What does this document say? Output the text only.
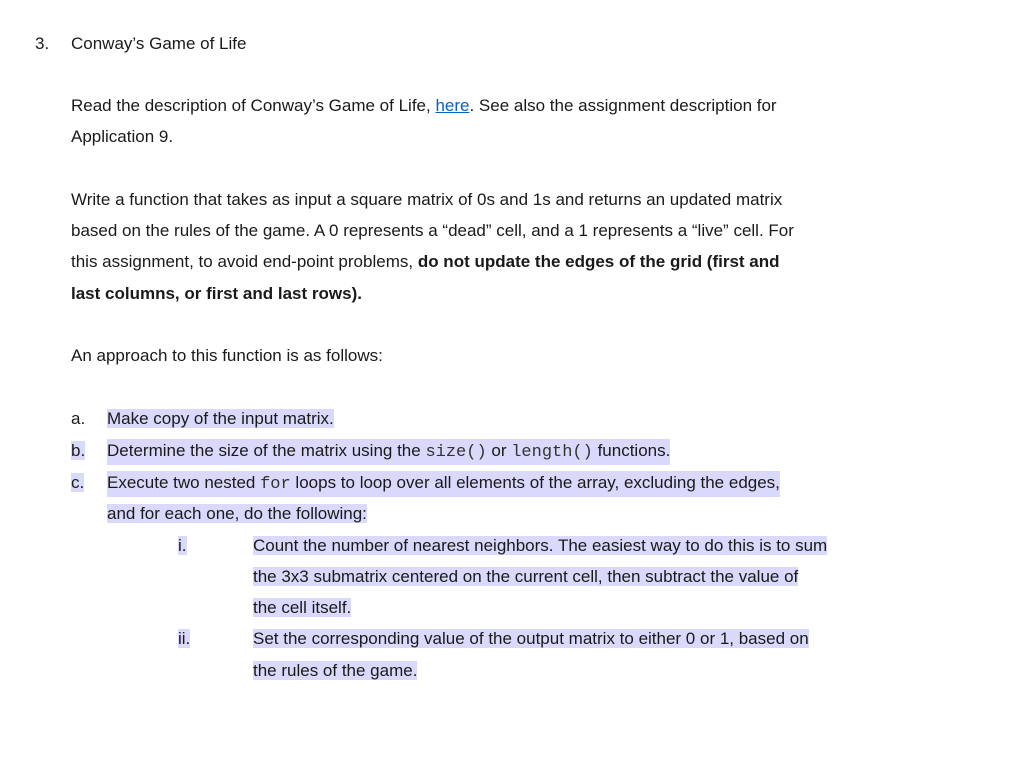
3. Conway’s Game of Life
Read the description of Conway’s Game of Life, here. See also the assignment description for
Application 9.
Write a function that takes as input a square matrix of 0s and 1s and returns an updated matrix
based on the rules of the game. A 0 represents a “dead” cell, and a 1 represents a “live” cell. For
this assignment, to avoid end-point problems, do not update the edges of the grid (first and
last columns, or first and last rows).
An approach to this function is as follows:
a. Make copy of the input matrix.
b. Determine the size of the matrix using the size() or length() functions.
c. Execute two nested for loops to loop over all elements of the array, excluding the edges,
and for each one, do the following:
i.	Count the number of nearest neighbors. The easiest way to do this is to sum
the 3x3 submatrix centered on the current cell, then subtract the value of
the cell itself.
ii.	Set the corresponding value of the output matrix to either 0 or 1, based on
the rules of the game.
